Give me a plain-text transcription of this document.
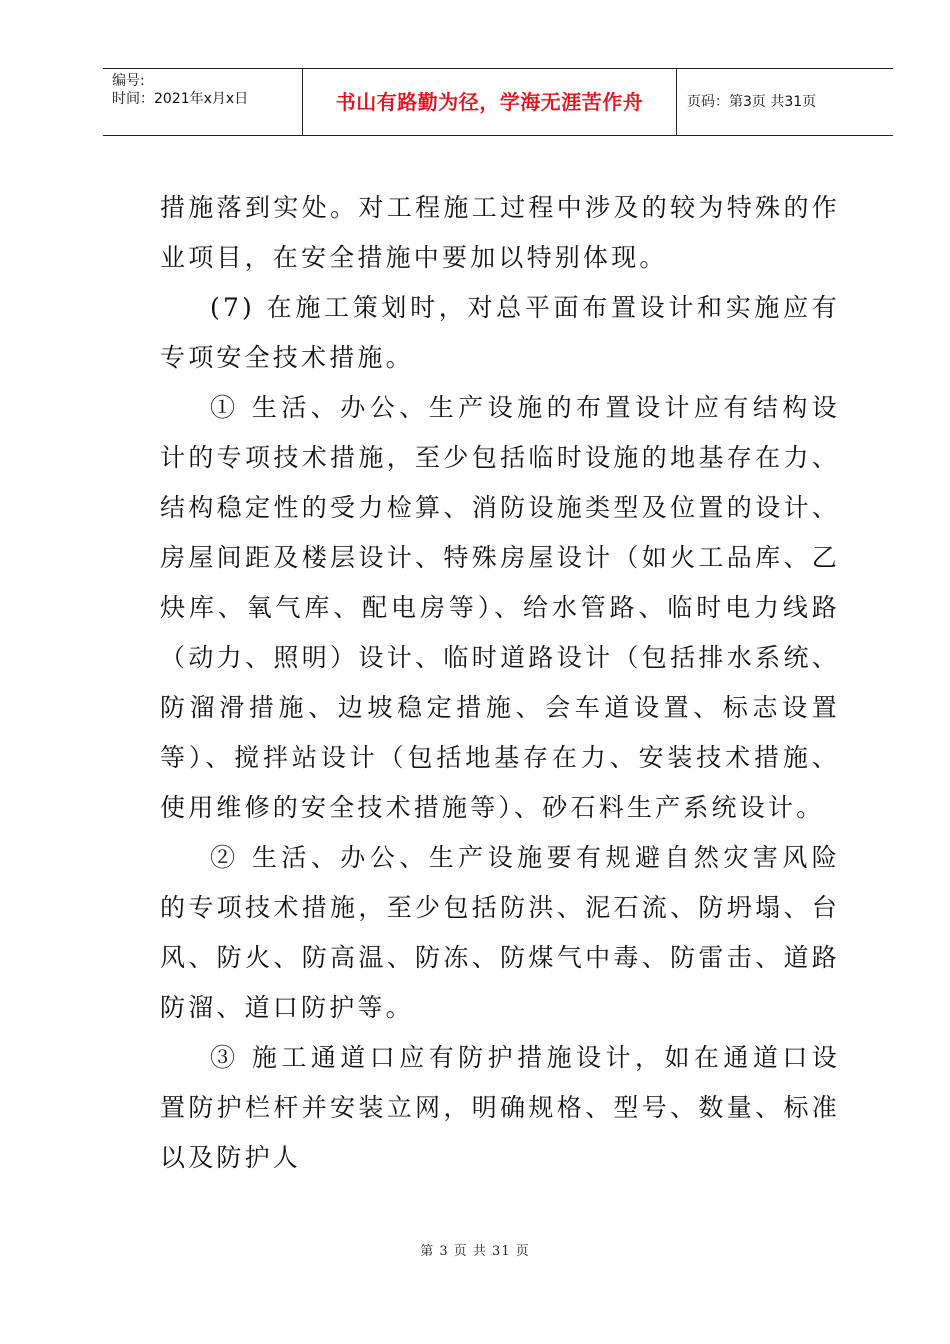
编号:
时间：2021年x月x日	书山有路勤为径，学海无涯苦作舟	页码：第3页 共31页

措施落到实处。对工程施工过程中涉及的较为特殊的作业项目，在安全措施中要加以特别体现。

(7) 在施工策划时，对总平面布置设计和实施应有专项安全技术措施。

① 生活、办公、生产设施的布置设计应有结构设计的专项技术措施，至少包括临时设施的地基存在力、结构稳定性的受力检算、消防设施类型及位置的设计、房屋间距及楼层设计、特殊房屋设计（如火工品库、乙炔库、氧气库、配电房等）、给水管路、临时电力线路（动力、照明）设计、临时道路设计（包括排水系统、防溜滑措施、边坡稳定措施、会车道设置、标志设置等）、搅拌站设计（包括地基存在力、安装技术措施、使用维修的安全技术措施等）、砂石料生产系统设计。

② 生活、办公、生产设施要有规避自然灾害风险的专项技术措施，至少包括防洪、泥石流、防坍塌、台风、防火、防高温、防冻、防煤气中毒、防雷击、道路防溜、道口防护等。

③ 施工通道口应有防护措施设计，如在通道口设置防护栏杆并安装立网，明确规格、型号、数量、标准以及防护人

第 3 页 共 31 页
